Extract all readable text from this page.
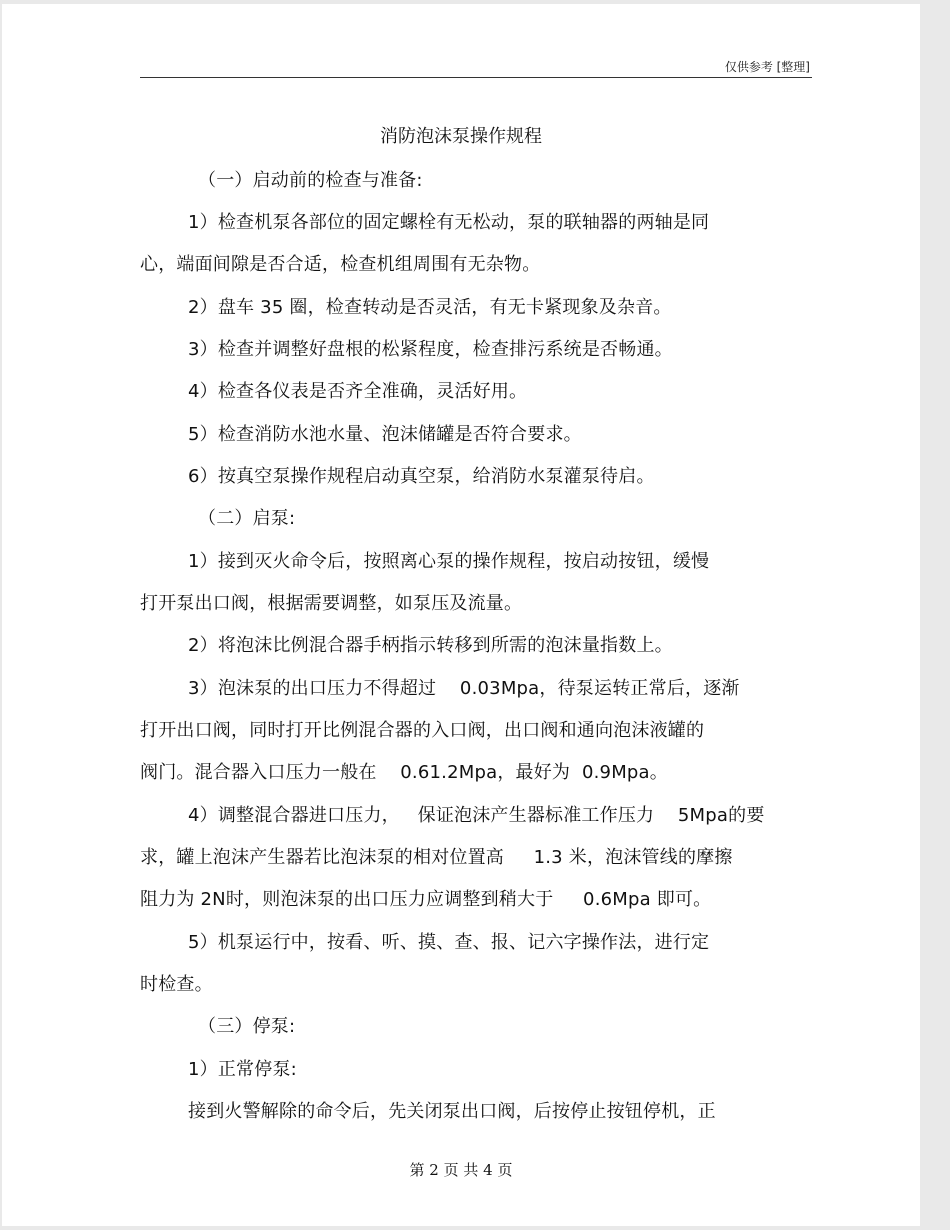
仅供参考 [整理]
消防泡沫泵操作规程
（一）启动前的检查与准备:
1）检查机泵各部位的固定螺栓有无松动，泵的联轴器的两轴是同
心，端面间隙是否合适，检查机组周围有无杂物。
2）盘车 35 圈，检查转动是否灵活，有无卡紧现象及杂音。
3）检查并调整好盘根的松紧程度，检查排污系统是否畅通。
4）检查各仪表是否齐全准确，灵活好用。
5）检查消防水池水量、泡沫储罐是否符合要求。
6）按真空泵操作规程启动真空泵，给消防水泵灌泵待启。
（二）启泵:
1）接到灭火命令后，按照离心泵的操作规程，按启动按钮，缓慢
打开泵出口阀，根据需要调整，如泵压及流量。
2）将泡沫比例混合器手柄指示转移到所需的泡沫量指数上。
3）泡沫泵的出口压力不得超过    0.03Mpa，待泵运转正常后，逐渐
打开出口阀，同时打开比例混合器的入口阀，出口阀和通向泡沫液罐的
阀门。混合器入口压力一般在    0.61.2Mpa，最好为  0.9Mpa。
4）调整混合器进口压力，   保证泡沫产生器标准工作压力    5Mpa的要
求，罐上泡沫产生器若比泡沫泵的相对位置高     1.3 米，泡沫管线的摩擦
阻力为 2N时，则泡沫泵的出口压力应调整到稍大于     0.6Mpa 即可。
5）机泵运行中，按看、听、摸、查、报、记六字操作法，进行定
时检查。
（三）停泵:
1）正常停泵:
接到火警解除的命令后，先关闭泵出口阀，后按停止按钮停机，正
第 2 页 共 4 页
